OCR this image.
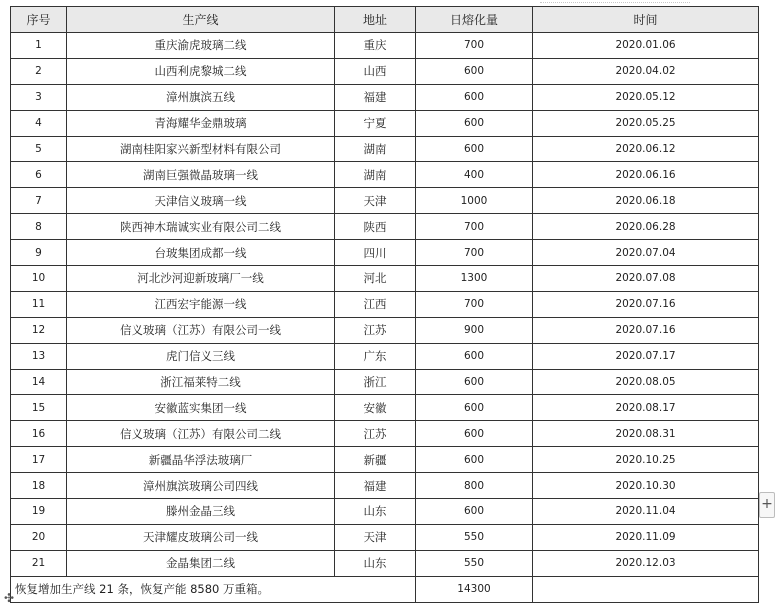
序号	生产线	地址	日熔化量	时间
1	重庆渝虎玻璃二线	重庆	700	2020.01.06
2	山西利虎黎城二线	山西	600	2020.04.02
3	漳州旗滨五线	福建	600	2020.05.12
4	青海耀华金鼎玻璃	宁夏	600	2020.05.25
5	湖南桂阳家兴新型材料有限公司	湖南	600	2020.06.12
6	湖南巨强微晶玻璃一线	湖南	400	2020.06.16
7	天津信义玻璃一线	天津	1000	2020.06.18
8	陕西神木瑞诚实业有限公司二线	陕西	700	2020.06.28
9	台玻集团成都一线	四川	700	2020.07.04
10	河北沙河迎新玻璃厂一线	河北	1300	2020.07.08
11	江西宏宇能源一线	江西	700	2020.07.16
12	信义玻璃（江苏）有限公司一线	江苏	900	2020.07.16
13	虎门信义三线	广东	600	2020.07.17
14	浙江福莱特二线	浙江	600	2020.08.05
15	安徽蓝实集团一线	安徽	600	2020.08.17
16	信义玻璃（江苏）有限公司二线	江苏	600	2020.08.31
17	新疆晶华浮法玻璃厂	新疆	600	2020.10.25
18	漳州旗滨玻璃公司四线	福建	800	2020.10.30
19	滕州金晶三线	山东	600	2020.11.04
20	天津耀皮玻璃公司一线	天津	550	2020.11.09
21	金晶集团二线	山东	550	2020.12.03
恢复增加生产线 21 条，恢复产能 8580 万重箱。			14300	
+
✣
